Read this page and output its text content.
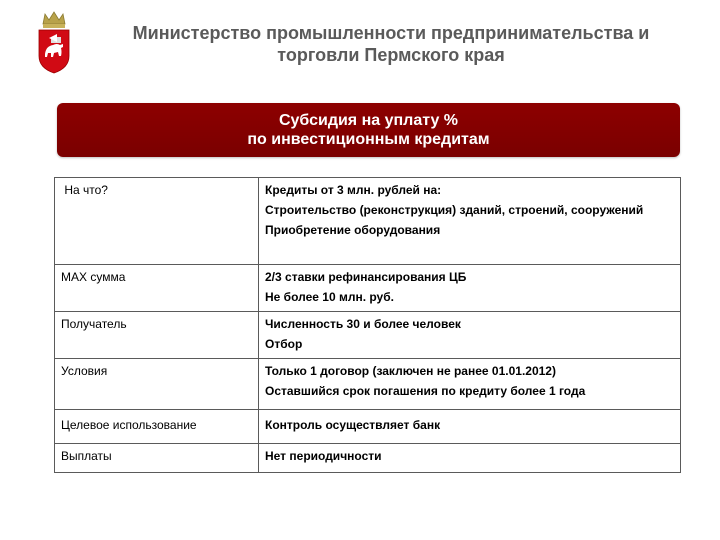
Министерство промышленности предпринимательства и
торговли Пермского края
Субсидия на уплату %
по инвестиционным кредитам
На что?	Кредиты от 3 млн. рублей на:
Строительство (реконструкция) зданий, строений, сооружений
Приобретение оборудования

MAX сумма	2/3 ставки рефинансирования ЦБ
Не более 10 млн. руб.

Получатель	Численность 30 и более человек
Отбор

Условия	Только 1 договор (заключен не ранее 01.01.2012)
Оставшийся срок погашения по кредиту более 1 года

Целевое использование	Контроль осуществляет банк

Выплаты	Нет периодичности
